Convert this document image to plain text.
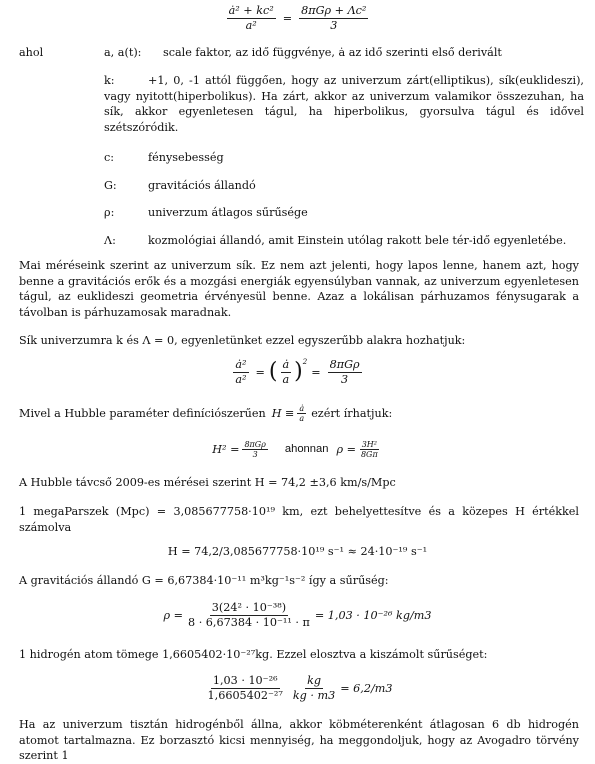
$\frac{\text{ȧ² + kc²}}{\text{a²}} = \frac{\text{8πGρ + Λc²}}{3}$
ahol	a, a(t): scale faktor, az idő függvénye, ȧ az idő szerinti első derivált
k:	+1, 0, -1 attól függően, hogy az univerzum zárt(elliptikus), sík(euklideszi), vagy nyitott(hiperbolikus). Ha zárt, akkor az univerzum valamikor összezuhan, ha sík, akkor egyenletesen tágul, ha hiperbolikus, gyorsulva tágul és idővel szétszóródik.
c:	fénysebesség
G:	gravitációs állandó
ρ:	univerzum átlagos sűrűsége
Λ:	kozmológiai állandó, amit Einstein utólag rakott bele tér-idő egyenletébe.
Mai méréseink szerint az univerzum sík. Ez nem azt jelenti, hogy lapos lenne, hanem azt, hogy benne a gravitációs erők és a mozgási energiák egyensúlyban vannak, az univerzum egyenletesen tágul, az euklideszi geometria érvényesül benne. Azaz a lokálisan párhuzamos fénysugarak a távolban is párhuzamosak maradnak.
Sík univerzumra k és Λ = 0, egyenletünket ezzel egyszerűbb alakra hozhatjuk:
$\frac{\text{ȧ²}}{\text{a²}}$ = ( $\frac{ȧ}{a} )^2$
= $\frac{\text{8πGρ}}{3}$
Mivel a Hubble paraméter definíciószerűen $H \equiv \frac{ȧ}{a}$ ezért írhatjuk:
$H^2 = \frac{\text{8πGρ}}{3}$ ahonnan $\rho = \frac{\text{3H²}}{8G\pi}$
A Hubble távcső 2009-es mérései szerint H = 74,2 ±3,6 km/s/Mpc
1 megaParszek (Mpc) = 3,085677758·10¹⁹ km, ezt behelyettesítve és a közepes H értékkel számolva
H = 74,2/3,085677758·10¹⁹ s⁻¹ ≈ 24·10⁻¹⁹ s⁻¹
A gravitációs állandó G = 6,67384·10⁻¹¹ m³kg⁻¹s⁻² így a sűrűség:
$\rho = \frac{\text{3(24² · 10⁻³⁸)}}{\text{8 · 6,67384 · 10⁻¹¹ · π}} = 1,03 \cdot 10^{-26}$ kg/m3
1 hidrogén atom tömege 1,6605402·10⁻²⁷kg. Ezzel elosztva a kiszámolt sűrűséget:
$\frac{\text{1,03 · 10⁻²⁶}}{\text{1,6605402⁻²⁷}} \frac{kg}{kg \cdot m3} = 6,2/m3$
Ha az univerzum tisztán hidrogénből állna, akkor köbméterenként átlagosan 6 db hidrogén atomot tartalmazna. Ez borzasztó kicsi mennyiség, ha meggondoljuk, hogy az Avogadro törvény szerint 1
